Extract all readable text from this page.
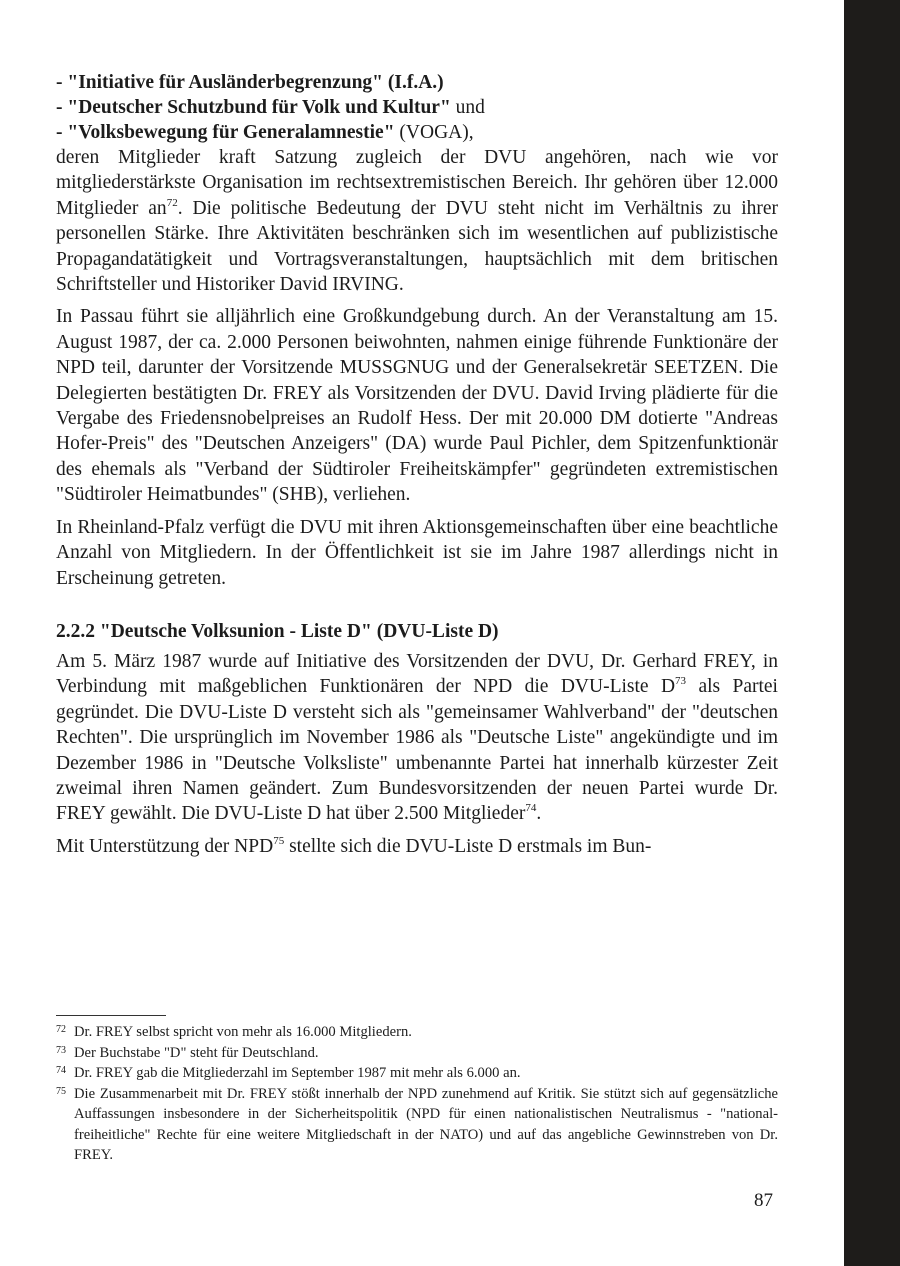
- "Initiative für Ausländerbegrenzung" (I.f.A.)
- "Deutscher Schutzbund für Volk und Kultur" und
- "Volksbewegung für Generalamnestie" (VOGA),

deren Mitglieder kraft Satzung zugleich der DVU angehören, nach wie vor mitgliederstärkste Organisation im rechtsextremistischen Bereich. Ihr gehören über 12.000 Mitglieder $an^{72}$. Die politische Bedeutung der DVU steht nicht im Verhältnis zu ihrer personellen Stärke. Ihre Aktivitäten beschränken sich im wesentlichen auf publizistische Propagandatätigkeit und Vortragsveranstaltungen, hauptsächlich mit dem britischen Schriftsteller und Historiker David IRVING.

In Passau führt sie alljährlich eine Großkundgebung durch. An der Veranstaltung am 15. August 1987, der ca. 2.000 Personen beiwohnten, nahmen einige führende Funktionäre der NPD teil, darunter der Vorsitzende MUSSGNUG und der Generalsekretär SEETZEN. Die Delegierten bestätigten Dr. FREY als Vorsitzenden der DVU. David Irving plädierte für die Vergabe des Friedensnobelpreises an Rudolf Hess. Der mit 20.000 DM dotierte "Andreas Hofer-Preis" des "Deutschen Anzeigers" (DA) wurde Paul Pichler, dem Spitzenfunktionär des ehemals als "Verband der Südtiroler Freiheitskämpfer" gegründeten extremistischen "Südtiroler Heimatbundes" (SHB), verliehen.

In Rheinland-Pfalz verfügt die DVU mit ihren Aktionsgemeinschaften über eine beachtliche Anzahl von Mitgliedern. In der Öffentlichkeit ist sie im Jahre 1987 allerdings nicht in Erscheinung getreten.

2.2.2 "Deutsche Volksunion - Liste D" (DVU-Liste D)

Am 5. März 1987 wurde auf Initiative des Vorsitzenden der DVU, Dr. Gerhard FREY, in Verbindung mit maßgeblichen Funktionären der NPD die DVU-Liste $D^{73}$ als Partei gegründet. Die DVU-Liste D versteht sich als "gemeinsamer Wahlverband" der "deutschen Rechten". Die ursprünglich im November 1986 als "Deutsche Liste" angekündigte und im Dezember 1986 in "Deutsche Volksliste" umbenannte Partei hat innerhalb kürzester Zeit zweimal ihren Namen geändert. Zum Bundesvorsitzenden der neuen Partei wurde Dr. FREY gewählt. Die DVU-Liste D hat über 2.500 Mitglieder$^{74}$.

Mit Unterstützung der NPD$^{75}$ stellte sich die DVU-Liste D erstmals im Bun-

72 Dr. FREY selbst spricht von mehr als 16.000 Mitgliedern.
73 Der Buchstabe "D" steht für Deutschland.
74 Dr. FREY gab die Mitgliederzahl im September 1987 mit mehr als 6.000 an.
75 Die Zusammenarbeit mit Dr. FREY stößt innerhalb der NPD zunehmend auf Kritik. Sie stützt sich auf gegensätzliche Auffassungen insbesondere in der Sicherheitspolitik (NPD für einen nationalistischen Neutralismus - "national-freiheitliche" Rechte für eine weitere Mitgliedschaft in der NATO) und auf das angebliche Gewinnstreben von Dr. FREY.
87
